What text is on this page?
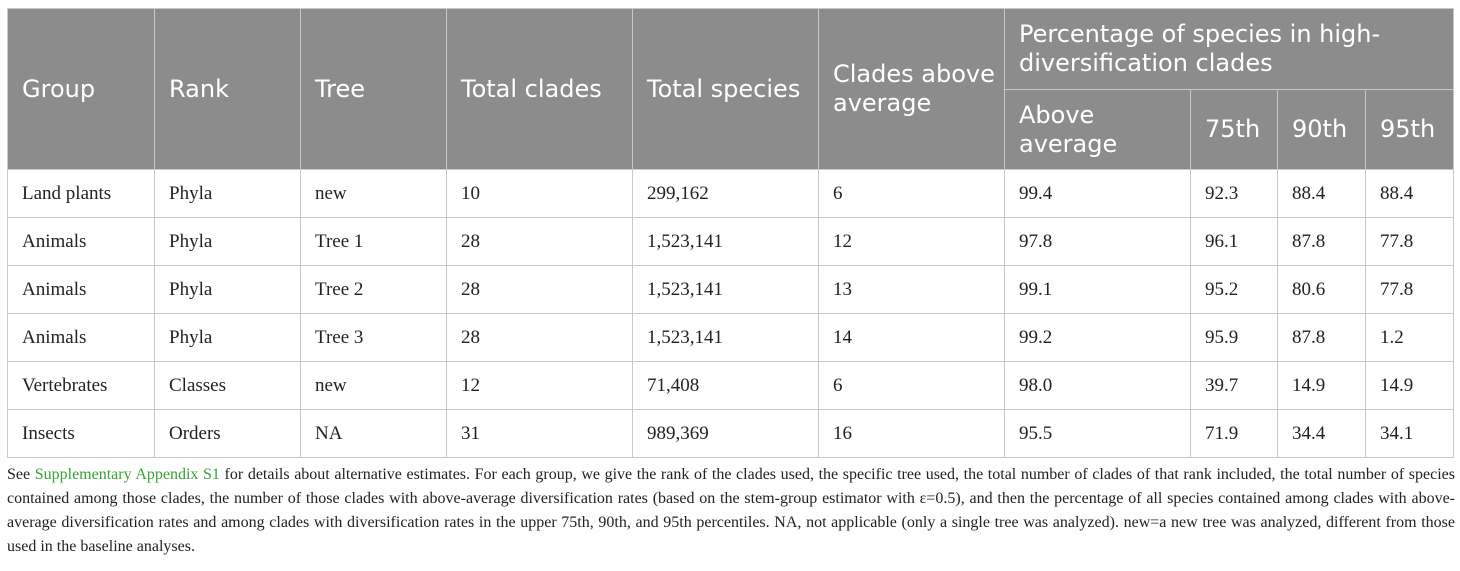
Group	Rank	Tree	Total clades	Total species	Clades above average	Percentage of species in high-diversification clades			
						Above average	75th	90th	95th
Land plants	Phyla	new	10	299,162	6	99.4	92.3	88.4	88.4
Animals	Phyla	Tree 1	28	1,523,141	12	97.8	96.1	87.8	77.8
Animals	Phyla	Tree 2	28	1,523,141	13	99.1	95.2	80.6	77.8
Animals	Phyla	Tree 3	28	1,523,141	14	99.2	95.9	87.8	1.2
Vertebrates	Classes	new	12	71,408	6	98.0	39.7	14.9	14.9
Insects	Orders	NA	31	989,369	16	95.5	71.9	34.4	34.1

See Supplementary Appendix S1 for details about alternative estimates. For each group, we give the rank of the clades used, the specific tree used, the total number of clades of that rank included, the total number of species contained among those clades, the number of those clades with above-average diversification rates (based on the stem-group estimator with ε=0.5), and then the percentage of all species contained among clades with above-average diversification rates and among clades with diversification rates in the upper 75th, 90th, and 95th percentiles. NA, not applicable (only a single tree was analyzed). new=a new tree was analyzed, different from those used in the baseline analyses.
